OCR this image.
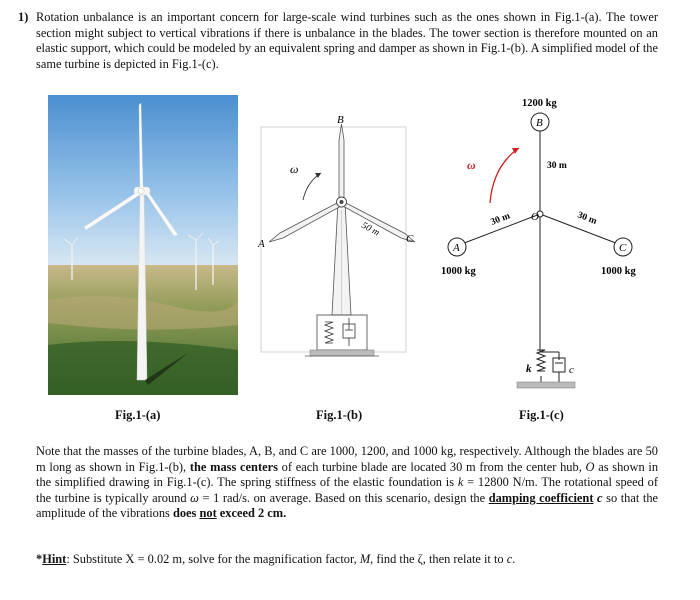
1) Rotation unbalance is an important concern for large-scale wind turbines such as the ones shown in Fig.1-(a). The tower section might subject to vertical vibrations if there is unbalance in the blades. The tower section is therefore mounted on an elastic support, which could be modeled by an equivalent spring and damper as shown in Fig.1-(b). A simplified model of the same turbine is depicted in Fig.1-(c).
B
A	C
ω
50 m
1200 kg
B
A	C
1000 kg	1000 kg
30 m
30 m	30 m
O
ω
k	c
Fig.1-(a)	Fig.1-(b)	Fig.1-(c)
Note that the masses of the turbine blades, A, B, and C are 1000, 1200, and 1000 kg, respectively. Although the blades are 50 m long as shown in Fig.1-(b), the mass centers of each turbine blade are located 30 m from the center hub, O as shown in the simplified drawing in Fig.1-(c). The spring stiffness of the elastic foundation is k = 12800 N/m. The rotational speed of the turbine is typically around ω = 1 rad/s. on average. Based on this scenario, design the damping coefficient c so that the amplitude of the vibrations does not exceed 2 cm.
*Hint: Substitute X = 0.02 m, solve for the magnification factor, M, find the ζ, then relate it to c.
